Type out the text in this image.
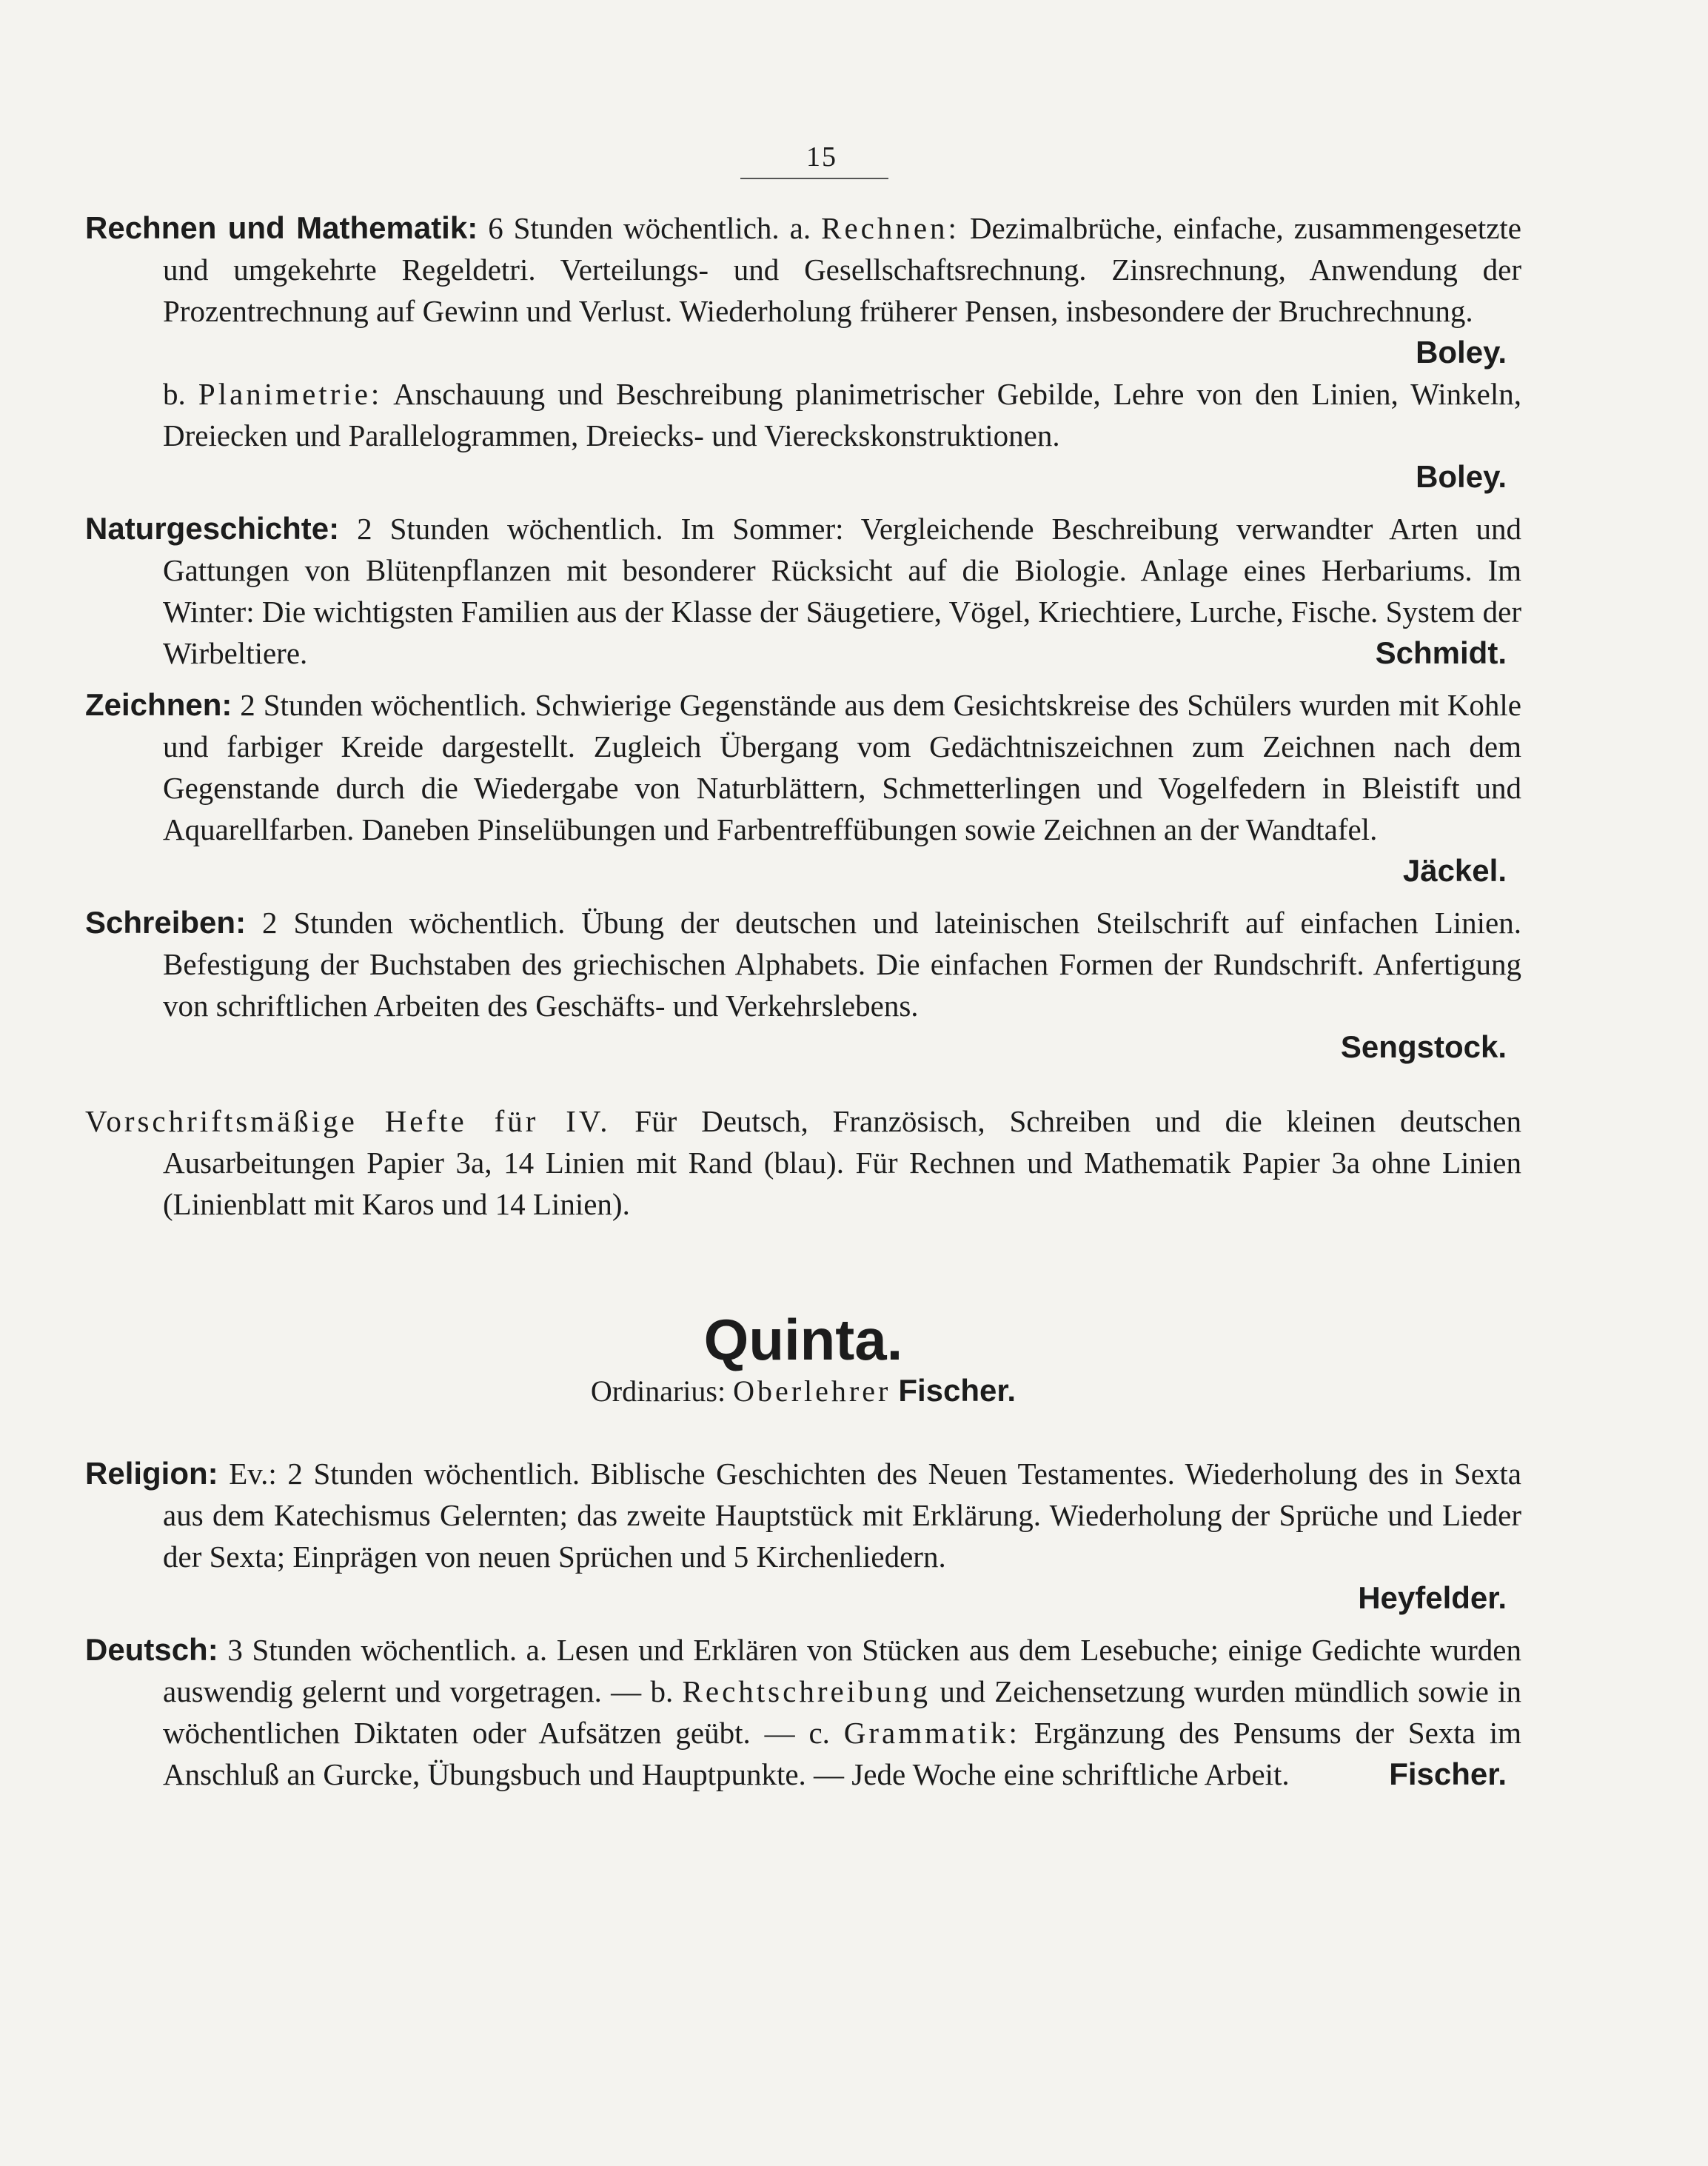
15
Rechnen und Mathematik: 6 Stunden wöchentlich. a. Rechnen: Dezimalbrüche, einfache, zusammengesetzte und umgekehrte Regeldetri. Verteilungs- und Gesellschaftsrechnung. Zinsrechnung, Anwendung der Prozentrechnung auf Gewinn und Verlust. Wiederholung früherer Pensen, insbesondere der Bruchrechnung.
Boley.
b. Planimetrie: Anschauung und Beschreibung planimetrischer Gebilde, Lehre von den Linien, Winkeln, Dreiecken und Parallelogrammen, Dreiecks- und Viereckskonstruktionen.
Boley.
Naturgeschichte: 2 Stunden wöchentlich. Im Sommer: Vergleichende Beschreibung verwandter Arten und Gattungen von Blütenpflanzen mit besonderer Rücksicht auf die Biologie. Anlage eines Herbariums. Im Winter: Die wichtigsten Familien aus der Klasse der Säugetiere, Vögel, Kriechtiere, Lurche, Fische. System der Wirbeltiere.	Schmidt.
Zeichnen: 2 Stunden wöchentlich. Schwierige Gegenstände aus dem Gesichtskreise des Schülers wurden mit Kohle und farbiger Kreide dargestellt. Zugleich Übergang vom Gedächtniszeichnen zum Zeichnen nach dem Gegenstande durch die Wiedergabe von Naturblättern, Schmetterlingen und Vogelfedern in Bleistift und Aquarellfarben. Daneben Pinselübungen und Farbentreffübungen sowie Zeichnen an der Wandtafel.
Jäckel.
Schreiben: 2 Stunden wöchentlich. Übung der deutschen und lateinischen Steilschrift auf einfachen Linien. Befestigung der Buchstaben des griechischen Alphabets. Die einfachen Formen der Rundschrift. Anfertigung von schriftlichen Arbeiten des Geschäfts- und Verkehrslebens.
Sengstock.
Vorschriftsmäßige Hefte für IV. Für Deutsch, Französisch, Schreiben und die kleinen deutschen Ausarbeitungen Papier 3a, 14 Linien mit Rand (blau). Für Rechnen und Mathematik Papier 3a ohne Linien (Linienblatt mit Karos und 14 Linien).
Quinta.
Ordinarius: Oberlehrer Fischer.
Religion: Ev.: 2 Stunden wöchentlich. Biblische Geschichten des Neuen Testamentes. Wiederholung des in Sexta aus dem Katechismus Gelernten; das zweite Hauptstück mit Erklärung. Wiederholung der Sprüche und Lieder der Sexta; Einprägen von neuen Sprüchen und 5 Kirchenliedern.
Heyfelder.
Deutsch: 3 Stunden wöchentlich. a. Lesen und Erklären von Stücken aus dem Lesebuche; einige Gedichte wurden auswendig gelernt und vorgetragen. — b. Rechtschreibung und Zeichensetzung wurden mündlich sowie in wöchentlichen Diktaten oder Aufsätzen geübt. — c. Grammatik: Ergänzung des Pensums der Sexta im Anschluß an Gurcke, Übungsbuch und Hauptpunkte. — Jede Woche eine schriftliche Arbeit.	Fischer.
